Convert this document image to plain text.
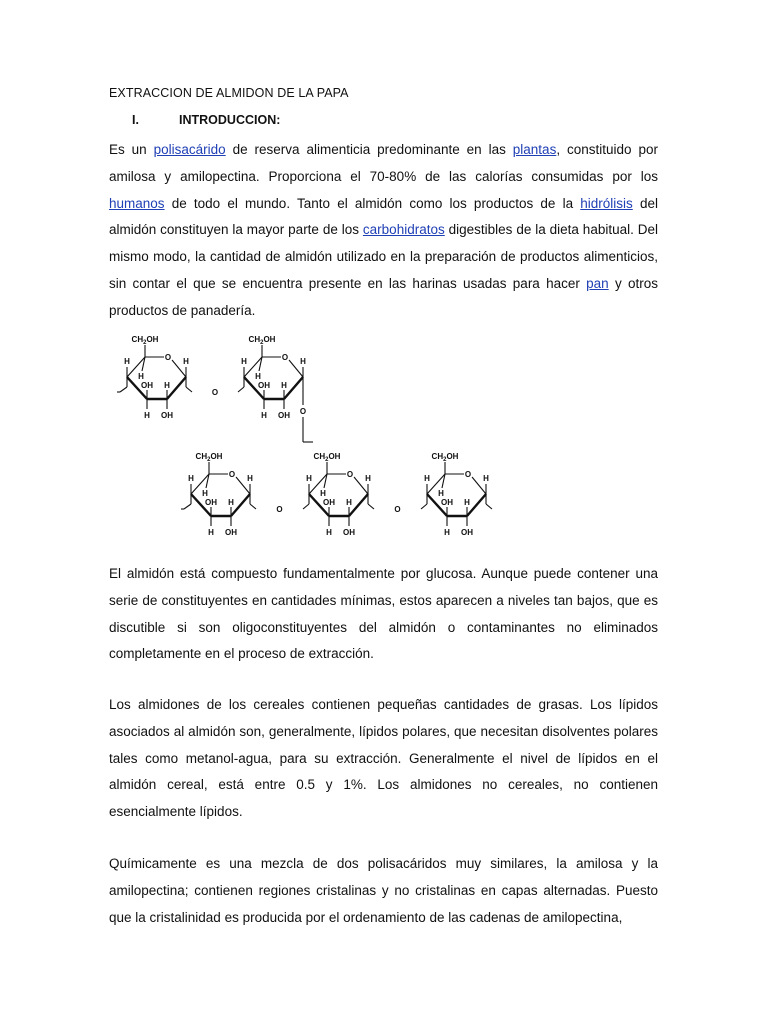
EXTRACCION DE ALMIDON DE LA PAPA
I.	INTRODUCCION:

Es un polisacárido de reserva alimenticia predominante en las plantas, constituido por amilosa y amilopectina. Proporciona el 70-80% de las calorías consumidas por los humanos de todo el mundo. Tanto el almidón como los productos de la hidrólisis del almidón constituyen la mayor parte de los carbohidratos digestibles de la dieta habitual. Del mismo modo, la cantidad de almidón utilizado en la preparación de productos alimenticios, sin contar el que se encuentra presente en las harinas usadas para hacer pan y otros productos de panadería.

O
$CH_2OH$
H
H
H
H
OH
OH
H
O
$CH_2OH$
H
H
H
H
OH
OH
H
O
O
$CH_2OH$
H
H
H
H
OH
OH
H
O
$CH_2OH$
H
H
H
H
OH
OH
H
O
$CH_2OH$
H
H
H
H
OH
OH
H
O	O
O

El almidón está compuesto fundamentalmente por glucosa. Aunque puede contener una serie de constituyentes en cantidades mínimas, estos aparecen a niveles tan bajos, que es discutible si son oligoconstituyentes del almidón o contaminantes no eliminados completamente en el proceso de extracción.

Los almidones de los cereales contienen pequeñas cantidades de grasas. Los lípidos asociados al almidón son, generalmente, lípidos polares, que necesitan disolventes polares tales como metanol-agua, para su extracción. Generalmente el nivel de lípidos en el almidón cereal, está entre 0.5 y 1%. Los almidones no cereales, no contienen esencialmente lípidos.

Químicamente es una mezcla de dos polisacáridos muy similares, la amilosa y la amilopectina; contienen regiones cristalinas y no cristalinas en capas alternadas. Puesto que la cristalinidad es producida por el ordenamiento de las cadenas de amilopectina,
